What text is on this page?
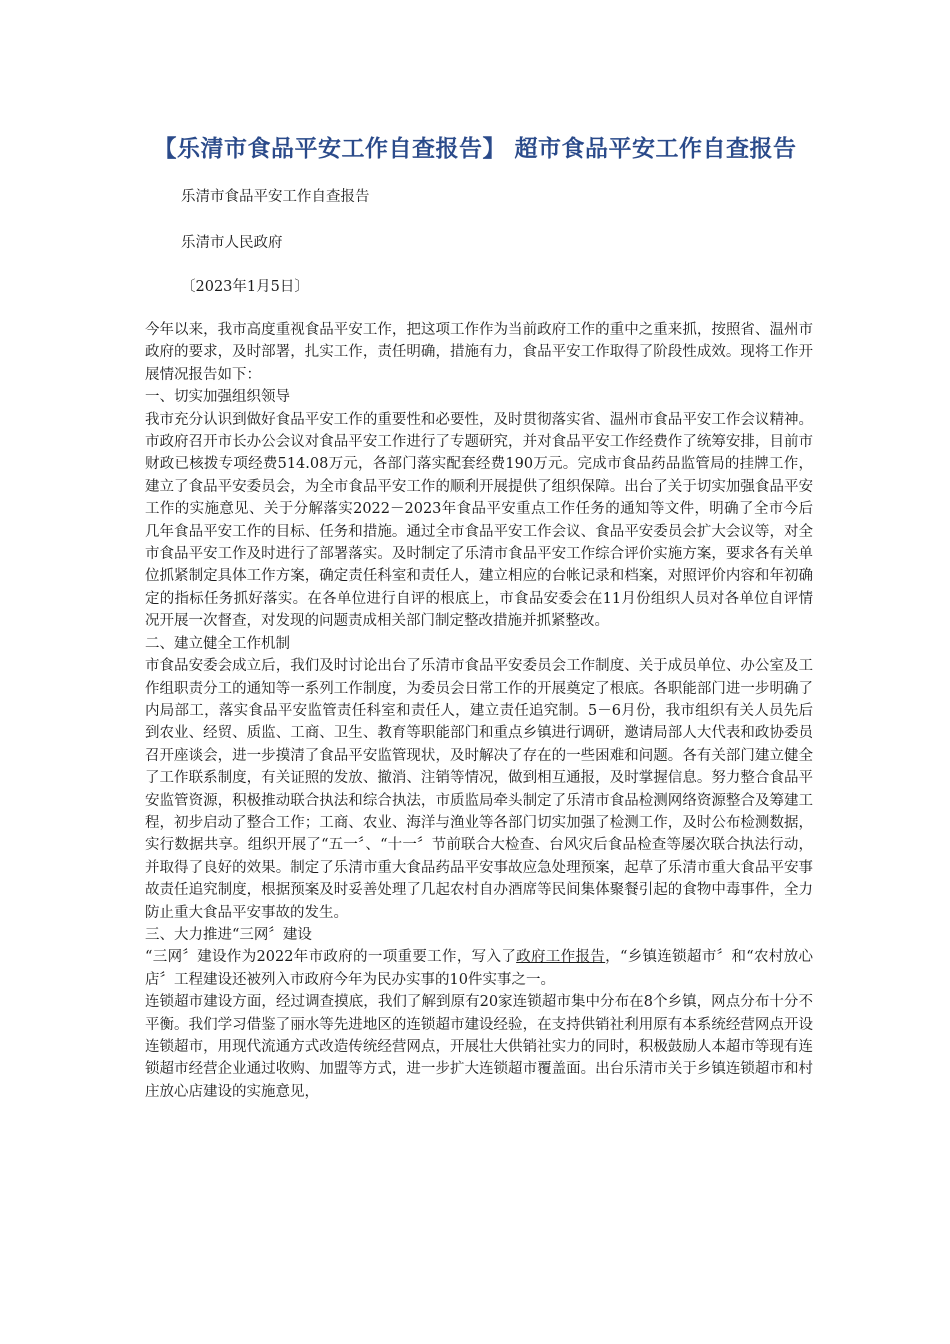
【乐清市食品平安工作自查报告】 超市食品平安工作自查报告

乐清市食品平安工作自查报告

乐清市人民政府

〔2023年1月5日〕

今年以来，我市高度重视食品平安工作，把这项工作作为当前政府工作的重中之重来抓，按照省、温州市政府的要求，及时部署，扎实工作，责任明确，措施有力，食品平安工作取得了阶段性成效。现将工作开展情况报告如下：

一、切实加强组织领导

我市充分认识到做好食品平安工作的重要性和必要性，及时贯彻落实省、温州市食品平安工作会议精神。市政府召开市长办公会议对食品平安工作进行了专题研究，并对食品平安工作经费作了统筹安排，目前市财政已核拨专项经费514.08万元，各部门落实配套经费190万元。完成市食品药品监管局的挂牌工作，建立了食品平安委员会，为全市食品平安工作的顺利开展提供了组织保障。出台了关于切实加强食品平安工作的实施意见、关于分解落实2022－2023年食品平安重点工作任务的通知等文件，明确了全市今后几年食品平安工作的目标、任务和措施。通过全市食品平安工作会议、食品平安委员会扩大会议等，对全市食品平安工作及时进行了部署落实。及时制定了乐清市食品平安工作综合评价实施方案，要求各有关单位抓紧制定具体工作方案，确定责任科室和责任人，建立相应的台帐记录和档案，对照评价内容和年初确定的指标任务抓好落实。在各单位进行自评的根底上，市食品安委会在11月份组织人员对各单位自评情况开展一次督查，对发现的问题责成相关部门制定整改措施并抓紧整改。

二、建立健全工作机制

市食品安委会成立后，我们及时讨论出台了乐清市食品平安委员会工作制度、关于成员单位、办公室及工作组职责分工的通知等一系列工作制度，为委员会日常工作的开展奠定了根底。各职能部门进一步明确了内局部工，落实食品平安监管责任科室和责任人，建立责任追究制。5－6月份，我市组织有关人员先后到农业、经贸、质监、工商、卫生、教育等职能部门和重点乡镇进行调研，邀请局部人大代表和政协委员召开座谈会，进一步摸清了食品平安监管现状，及时解决了存在的一些困难和问题。各有关部门建立健全了工作联系制度，有关证照的发放、撤消、注销等情况，做到相互通报，及时掌握信息。努力整合食品平安监管资源，积极推动联合执法和综合执法，市质监局牵头制定了乐清市食品检测网络资源整合及筹建工程，初步启动了整合工作；工商、农业、海洋与渔业等各部门切实加强了检测工作，及时公布检测数据，实行数据共享。组织开展了“五一〞、“十一〞节前联合大检查、台风灾后食品检查等屡次联合执法行动，并取得了良好的效果。制定了乐清市重大食品药品平安事故应急处理预案，起草了乐清市重大食品平安事故责任追究制度，根据预案及时妥善处理了几起农村自办酒席等民间集体聚餐引起的食物中毒事件，全力防止重大食品平安事故的发生。

三、大力推进“三网〞建设

“三网〞建设作为2022年市政府的一项重要工作，写入了政府工作报告，“乡镇连锁超市〞和“农村放心店〞工程建设还被列入市政府今年为民办实事的10件实事之一。

连锁超市建设方面，经过调查摸底，我们了解到原有20家连锁超市集中分布在8个乡镇，网点分布十分不平衡。我们学习借鉴了丽水等先进地区的连锁超市建设经验，在支持供销社利用原有本系统经营网点开设连锁超市，用现代流通方式改造传统经营网点，开展壮大供销社实力的同时，积极鼓励人本超市等现有连锁超市经营企业通过收购、加盟等方式，进一步扩大连锁超市覆盖面。出台乐清市关于乡镇连锁超市和村庄放心店建设的实施意见，
